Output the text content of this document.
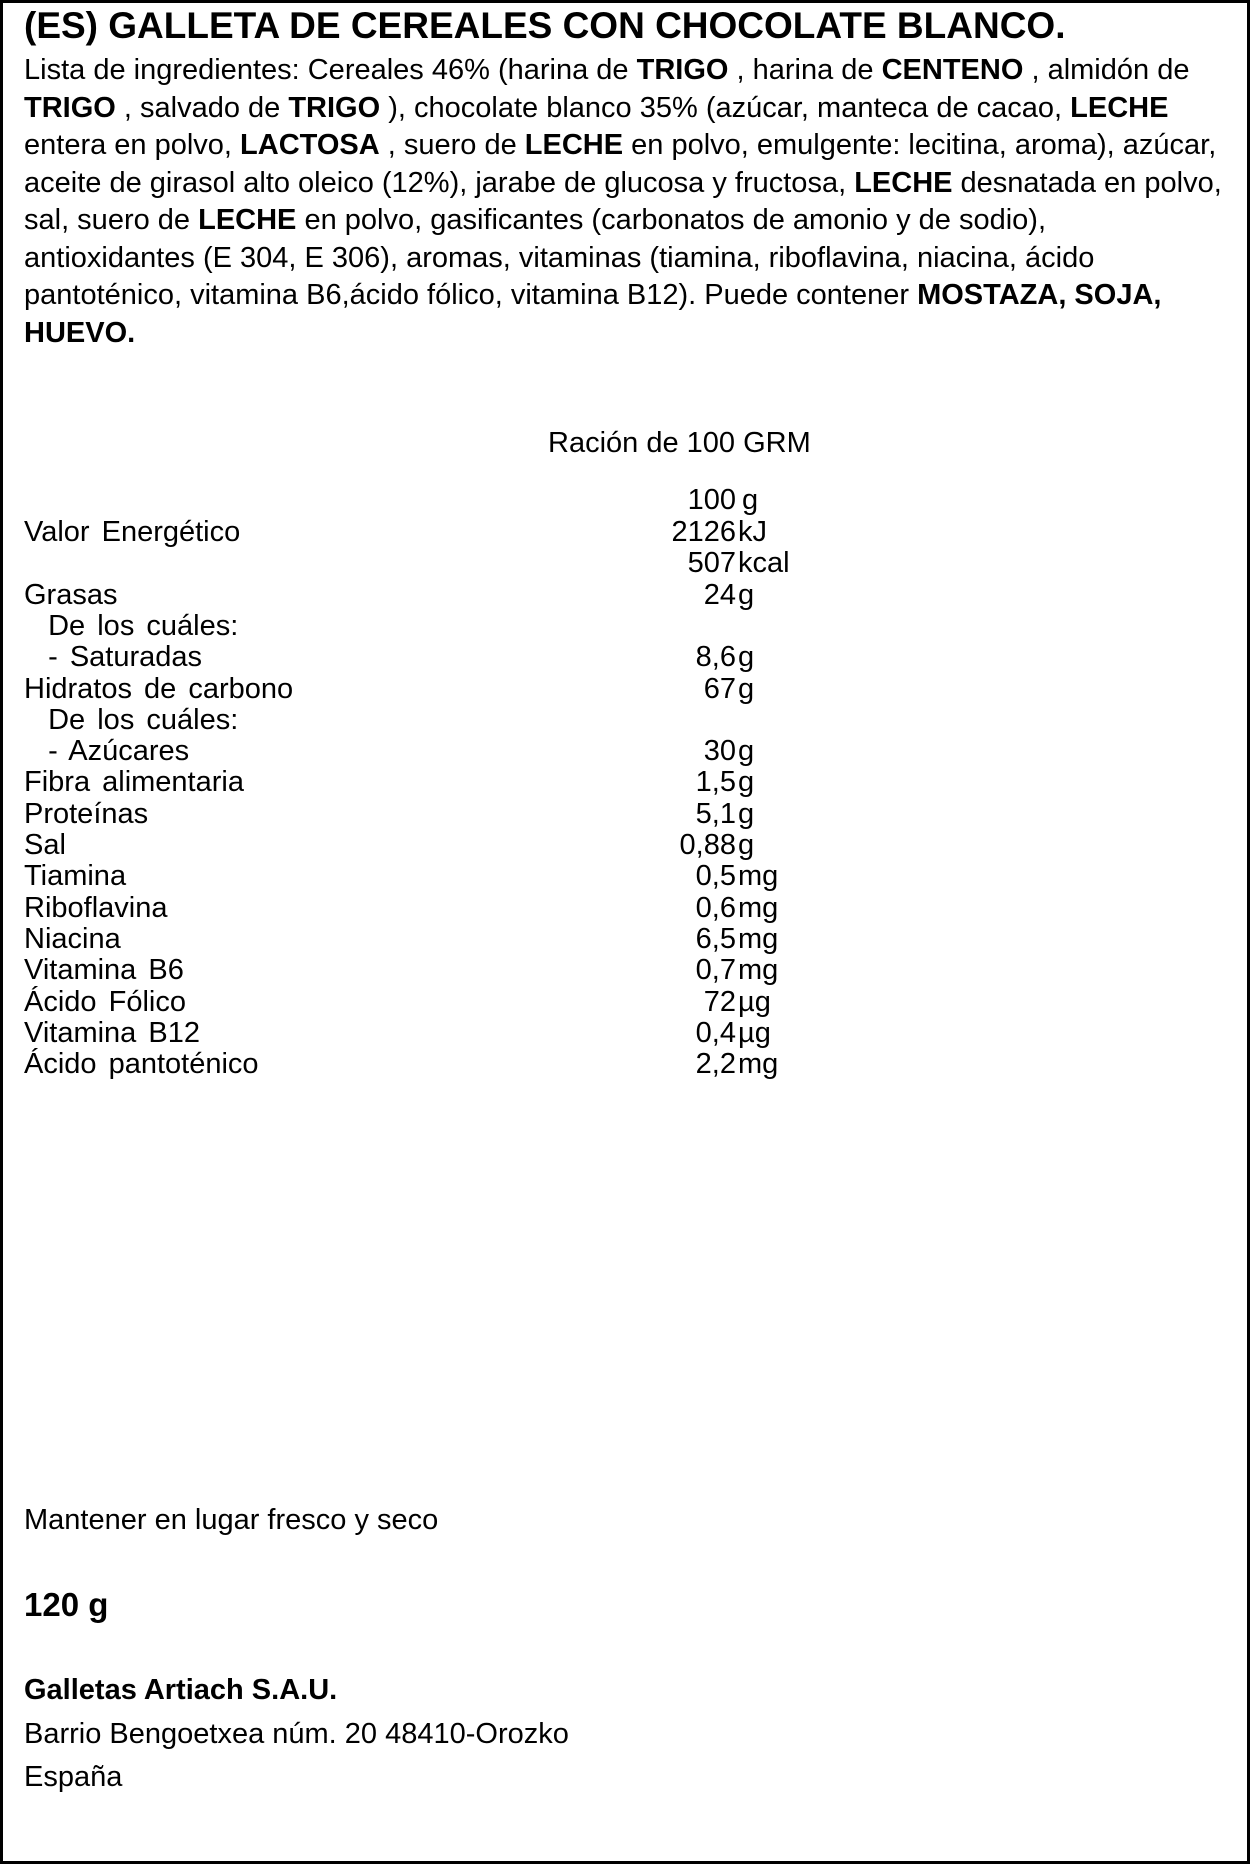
(ES) GALLETA DE CEREALES CON CHOCOLATE BLANCO.
Lista de ingredientes: Cereales 46% (harina de TRIGO , harina de CENTENO , almidón de TRIGO , salvado de TRIGO ), chocolate blanco 35% (azúcar, manteca de cacao, LECHE entera en polvo, LACTOSA , suero de LECHE en polvo, emulgente: lecitina, aroma), azúcar, aceite de girasol alto oleico (12%), jarabe de glucosa y fructosa, LECHE desnatada en polvo, sal, suero de LECHE en polvo, gasificantes (carbonatos de amonio y de sodio), antioxidantes (E 304, E 306), aromas, vitaminas (tiamina, riboflavina, niacina, ácido pantoténico, vitamina B6,ácido fólico, vitamina B12). Puede contener MOSTAZA, SOJA, HUEVO.
Ración de 100 GRM
100 g
Valor Energético	2126 kJ
507 kcal
Grasas	24 g
De los cuáles:
- Saturadas	8,6 g
Hidratos de carbono	67 g
De los cuáles:
- Azúcares	30 g
Fibra alimentaria	1,5 g
Proteínas	5,1 g
Sal	0,88 g
Tiamina	0,5 mg
Riboflavina	0,6 mg
Niacina	6,5 mg
Vitamina B6	0,7 mg
Ácido Fólico	72 µg
Vitamina B12	0,4 µg
Ácido pantoténico	2,2 mg
Mantener en lugar fresco y seco
120 g
Galletas Artiach S.A.U.
Barrio Bengoetxea núm. 20 48410-Orozko
España
